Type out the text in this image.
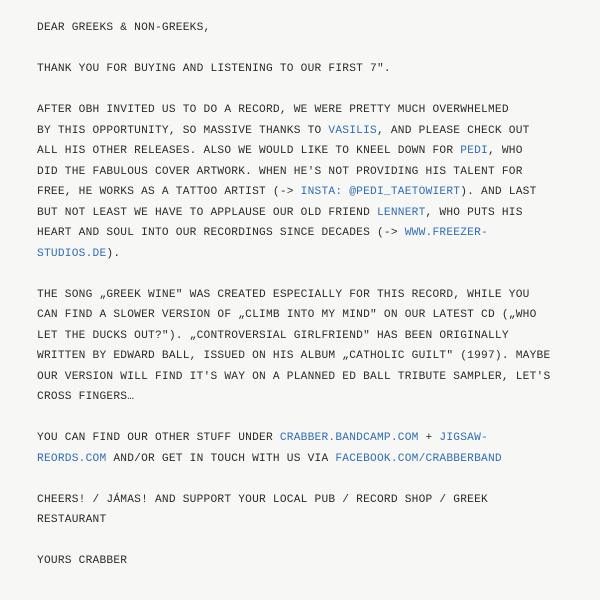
DEAR GREEKS & NON-GREEKS,

THANK YOU FOR BUYING AND LISTENING TO OUR FIRST 7".

AFTER OBH INVITED US TO DO A RECORD, WE WERE PRETTY MUCH OVERWHELMED
BY THIS OPPORTUNITY, SO MASSIVE THANKS TO VASILIS, AND PLEASE CHECK OUT
ALL HIS OTHER RELEASES. ALSO WE WOULD LIKE TO KNEEL DOWN FOR PEDI, WHO
DID THE FABULOUS COVER ARTWORK. WHEN HE'S NOT PROVIDING HIS TALENT FOR
FREE, HE WORKS AS A TATTOO ARTIST (-> INSTA: @PEDI_TAETOWIERT). AND LAST
BUT NOT LEAST WE HAVE TO APPLAUSE OUR OLD FRIEND LENNERT, WHO PUTS HIS
HEART AND SOUL INTO OUR RECORDINGS SINCE DECADES (-> WWW.FREEZER-
STUDIOS.DE).

THE SONG „GREEK WINE" WAS CREATED ESPECIALLY FOR THIS RECORD, WHILE YOU
CAN FIND A SLOWER VERSION OF „CLIMB INTO MY MIND" ON OUR LATEST CD („WHO
LET THE DUCKS OUT?"). „CONTROVERSIAL GIRLFRIEND" HAS BEEN ORIGINALLY
WRITTEN BY EDWARD BALL, ISSUED ON HIS ALBUM „CATHOLIC GUILT" (1997). MAYBE
OUR VERSION WILL FIND IT'S WAY ON A PLANNED ED BALL TRIBUTE SAMPLER, LET'S
CROSS FINGERS…

YOU CAN FIND OUR OTHER STUFF UNDER CRABBER.BANDCAMP.COM + JIGSAW-
REORDS.COM AND/OR GET IN TOUCH WITH US VIA FACEBOOK.COM/CRABBERBAND

CHEERS! / JÁMAS! AND SUPPORT YOUR LOCAL PUB / RECORD SHOP / GREEK
RESTAURANT

YOURS CRABBER
